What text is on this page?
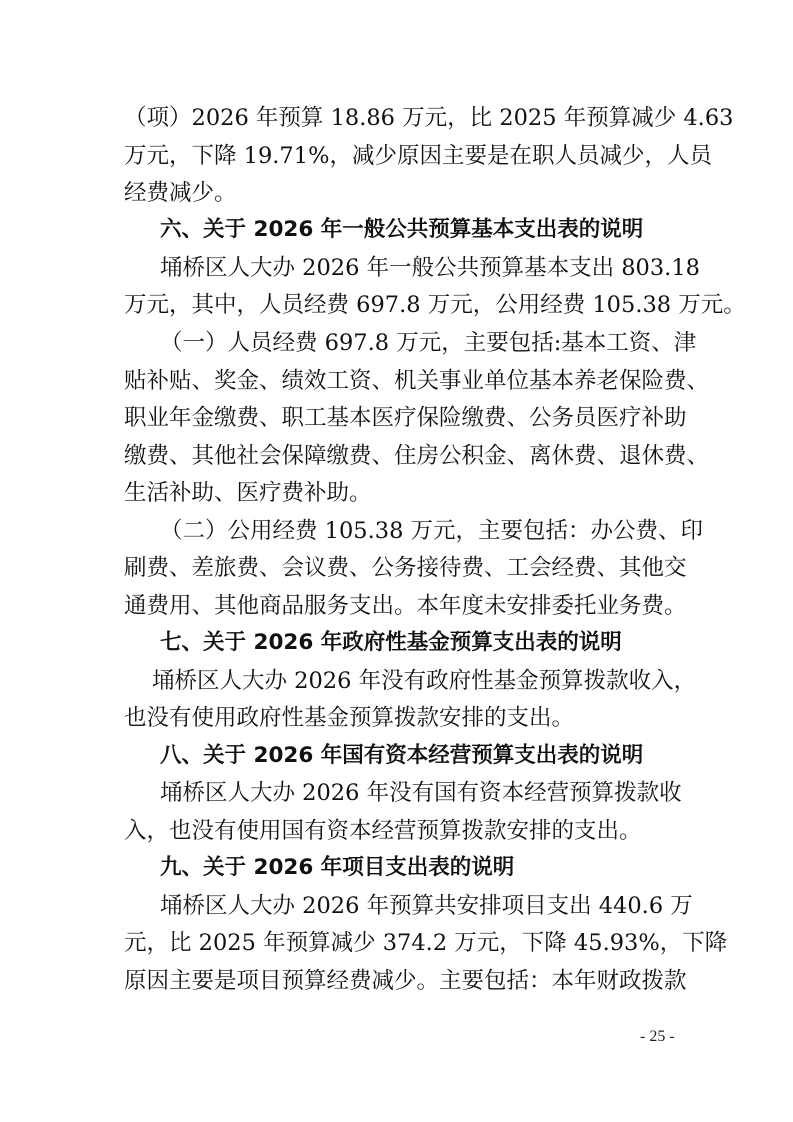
（项）2026 年预算 18.86 万元，比 2025 年预算减少 4.63
万元，下降 19.71%，减少原因主要是在职人员减少，人员
经费减少。
六、关于 2026 年一般公共预算基本支出表的说明
埇桥区人大办 2026 年一般公共预算基本支出 803.18
万元，其中，人员经费 697.8 万元，公用经费 105.38 万元。
（一）人员经费 697.8 万元，主要包括:基本工资、津
贴补贴、奖金、绩效工资、机关事业单位基本养老保险费、
职业年金缴费、职工基本医疗保险缴费、公务员医疗补助
缴费、其他社会保障缴费、住房公积金、离休费、退休费、
生活补助、医疗费补助。
（二）公用经费 105.38 万元，主要包括：办公费、印
刷费、差旅费、会议费、公务接待费、工会经费、其他交
通费用、其他商品服务支出。本年度未安排委托业务费。
七、关于 2026 年政府性基金预算支出表的说明
埇桥区人大办 2026 年没有政府性基金预算拨款收入，
也没有使用政府性基金预算拨款安排的支出。
八、关于 2026 年国有资本经营预算支出表的说明
埇桥区人大办 2026 年没有国有资本经营预算拨款收
入，也没有使用国有资本经营预算拨款安排的支出。
九、关于 2026 年项目支出表的说明
埇桥区人大办 2026 年预算共安排项目支出 440.6 万
元，比 2025 年预算减少 374.2 万元，下降 45.93%，下降
原因主要是项目预算经费减少。主要包括：本年财政拨款
- 25 -
